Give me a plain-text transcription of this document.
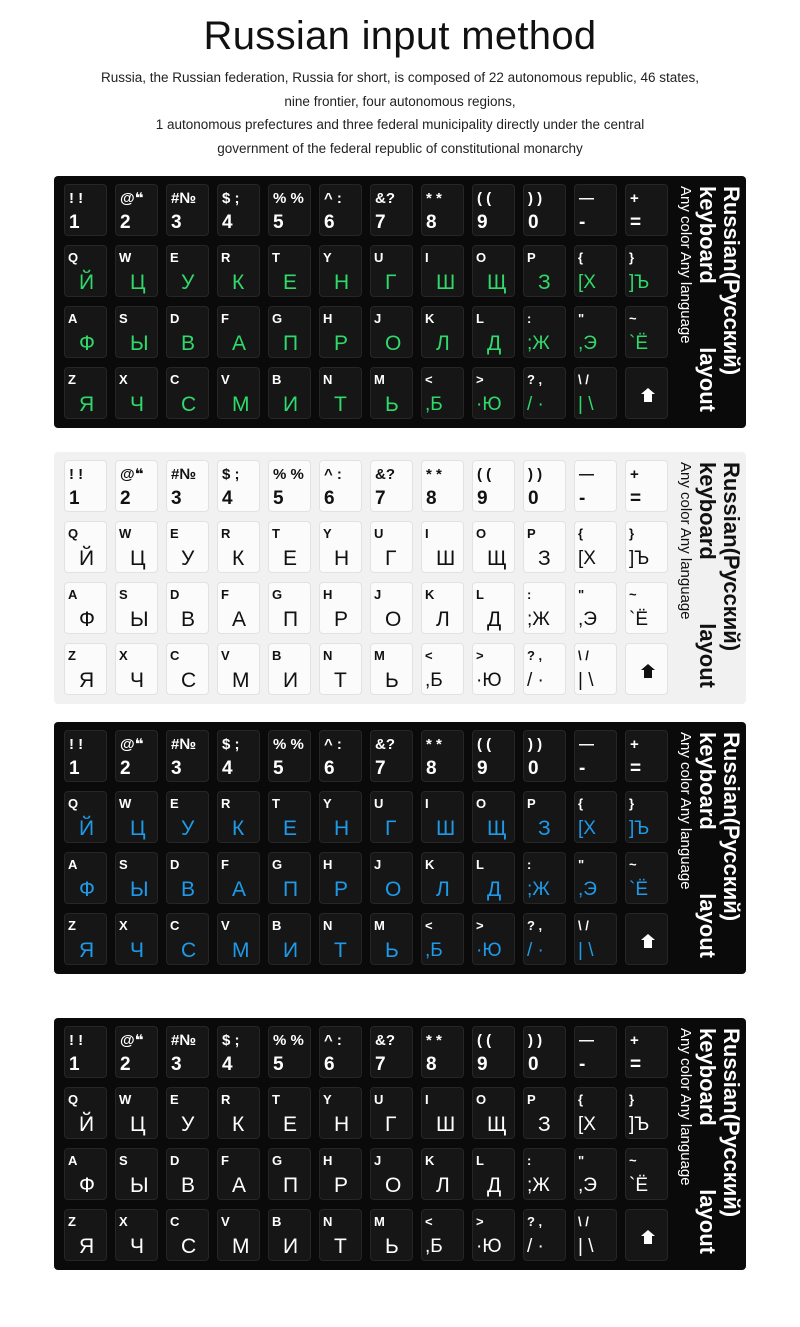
Russian input method
Russia, the Russian federation, Russia for short, is composed of 22 autonomous republic, 46 states,
nine frontier, four autonomous regions,
1 autonomous prefectures and three federal municipality directly under the central
government of the federal republic of constitutional monarchy
! !
1
@❝
2
#№
3
$ ;
4
% %
5
^ :
6
&?
7
* *
8
( (
9
) )
0
—
-
+
=
Q
Й
W
Ц
E
У
R
К
T
Е
Y
Н
U
Г
I
Ш
O
Щ
P
З
{
[Х
}
]Ъ
A
Ф
S
Ы
D
В
F
А
G
П
H
Р
J
О
K
Л
L
Д
:
;Ж
"
,Э
~
`Ё
Z
Я
X
Ч
C
С
V
М
B
И
N
Т
M
Ь
<
,Б
>
·Ю
? ,
/ ·
\ /
| \
Russian(Русский)
keyboard
layout
Any color Any language
! !
1
@❝
2
#№
3
$ ;
4
% %
5
^ :
6
&?
7
* *
8
( (
9
) )
0
—
-
+
=
Q
Й
W
Ц
E
У
R
К
T
Е
Y
Н
U
Г
I
Ш
O
Щ
P
З
{
[Х
}
]Ъ
A
Ф
S
Ы
D
В
F
А
G
П
H
Р
J
О
K
Л
L
Д
:
;Ж
"
,Э
~
`Ё
Z
Я
X
Ч
C
С
V
М
B
И
N
Т
M
Ь
<
,Б
>
·Ю
? ,
/ ·
\ /
| \
Russian(Русский)
keyboard
layout
Any color Any language
! !
1
@❝
2
#№
3
$ ;
4
% %
5
^ :
6
&?
7
* *
8
( (
9
) )
0
—
-
+
=
Q
Й
W
Ц
E
У
R
К
T
Е
Y
Н
U
Г
I
Ш
O
Щ
P
З
{
[Х
}
]Ъ
A
Ф
S
Ы
D
В
F
А
G
П
H
Р
J
О
K
Л
L
Д
:
;Ж
"
,Э
~
`Ё
Z
Я
X
Ч
C
С
V
М
B
И
N
Т
M
Ь
<
,Б
>
·Ю
? ,
/ ·
\ /
| \
Russian(Русский)
keyboard
layout
Any color Any language
! !
1
@❝
2
#№
3
$ ;
4
% %
5
^ :
6
&?
7
* *
8
( (
9
) )
0
—
-
+
=
Q
Й
W
Ц
E
У
R
К
T
Е
Y
Н
U
Г
I
Ш
O
Щ
P
З
{
[Х
}
]Ъ
A
Ф
S
Ы
D
В
F
А
G
П
H
Р
J
О
K
Л
L
Д
:
;Ж
"
,Э
~
`Ё
Z
Я
X
Ч
C
С
V
М
B
И
N
Т
M
Ь
<
,Б
>
·Ю
? ,
/ ·
\ /
| \
Russian(Русский)
keyboard
layout
Any color Any language
